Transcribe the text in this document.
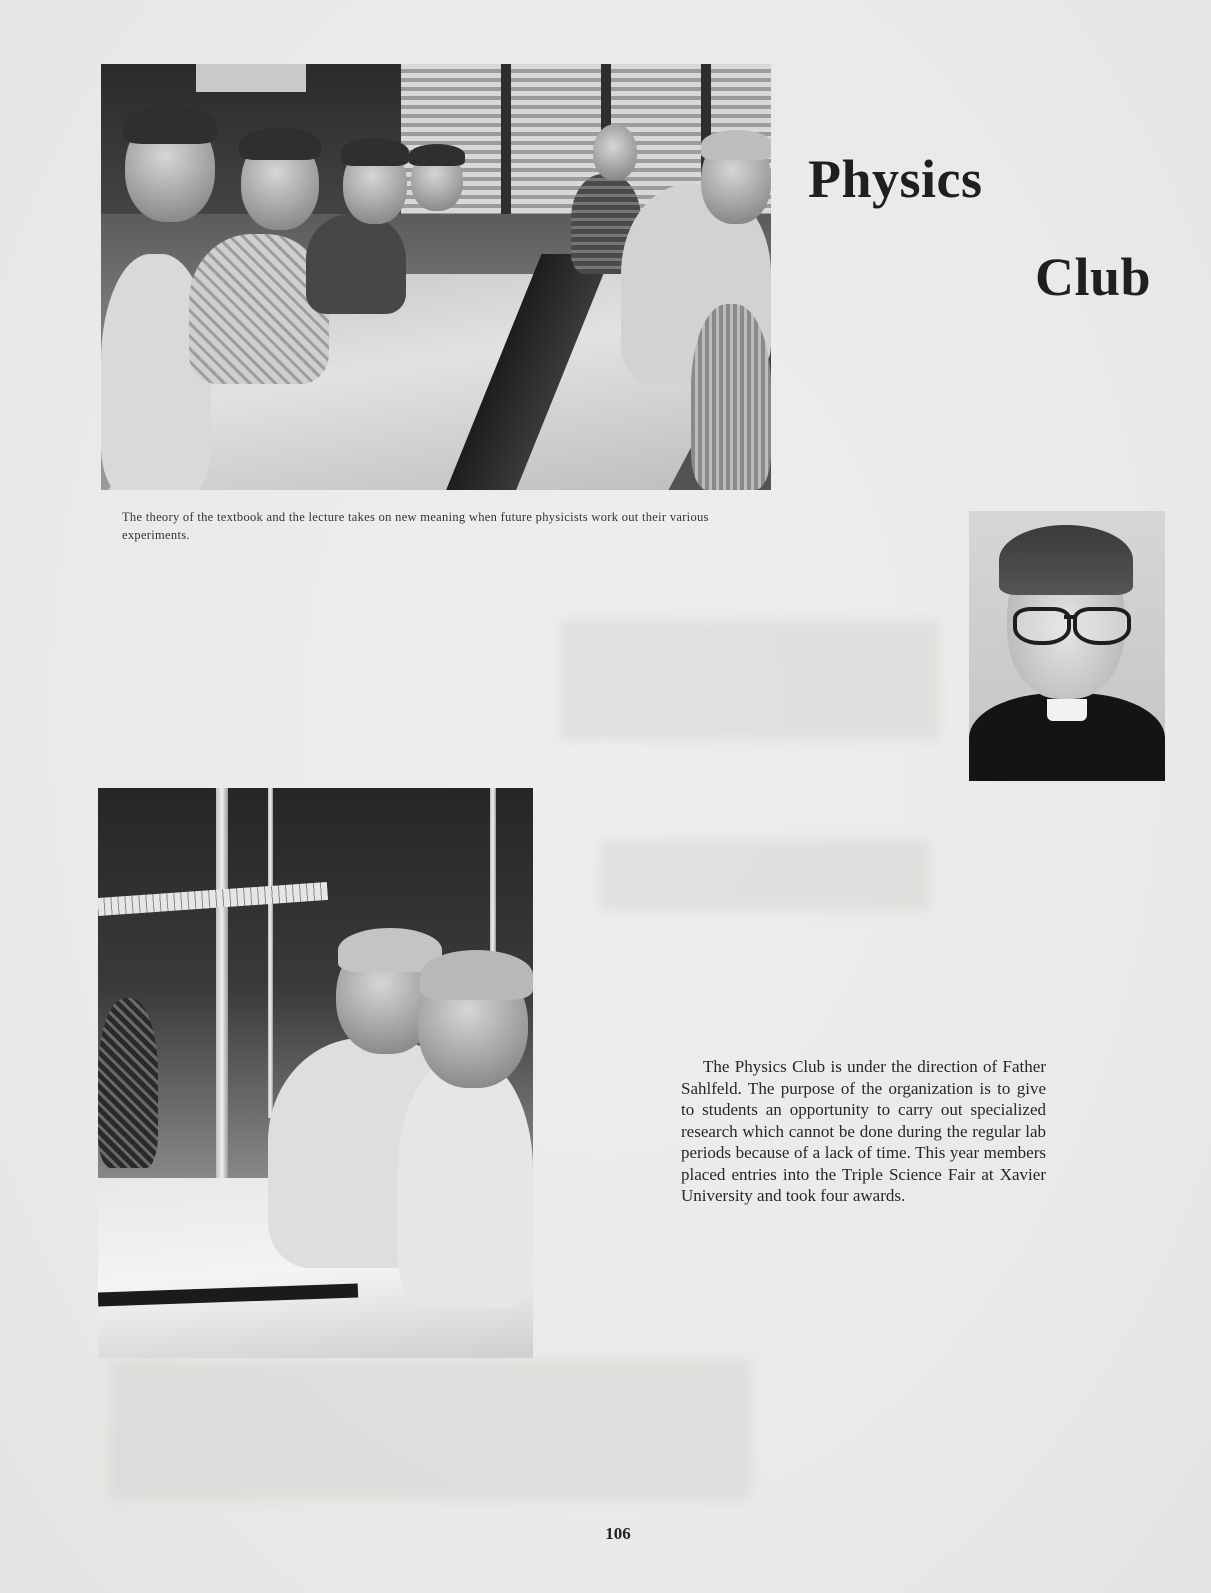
Physics
Club
The theory of the textbook and the lecture takes on new meaning when future physicists work out their various experiments.
The Physics Club is under the direction of Father Sahlfeld. The purpose of the organization is to give to students an opportunity to carry out specialized research which cannot be done during the regular lab periods because of a lack of time. This year members placed entries into the Triple Science Fair at Xavier University and took four awards.
106
